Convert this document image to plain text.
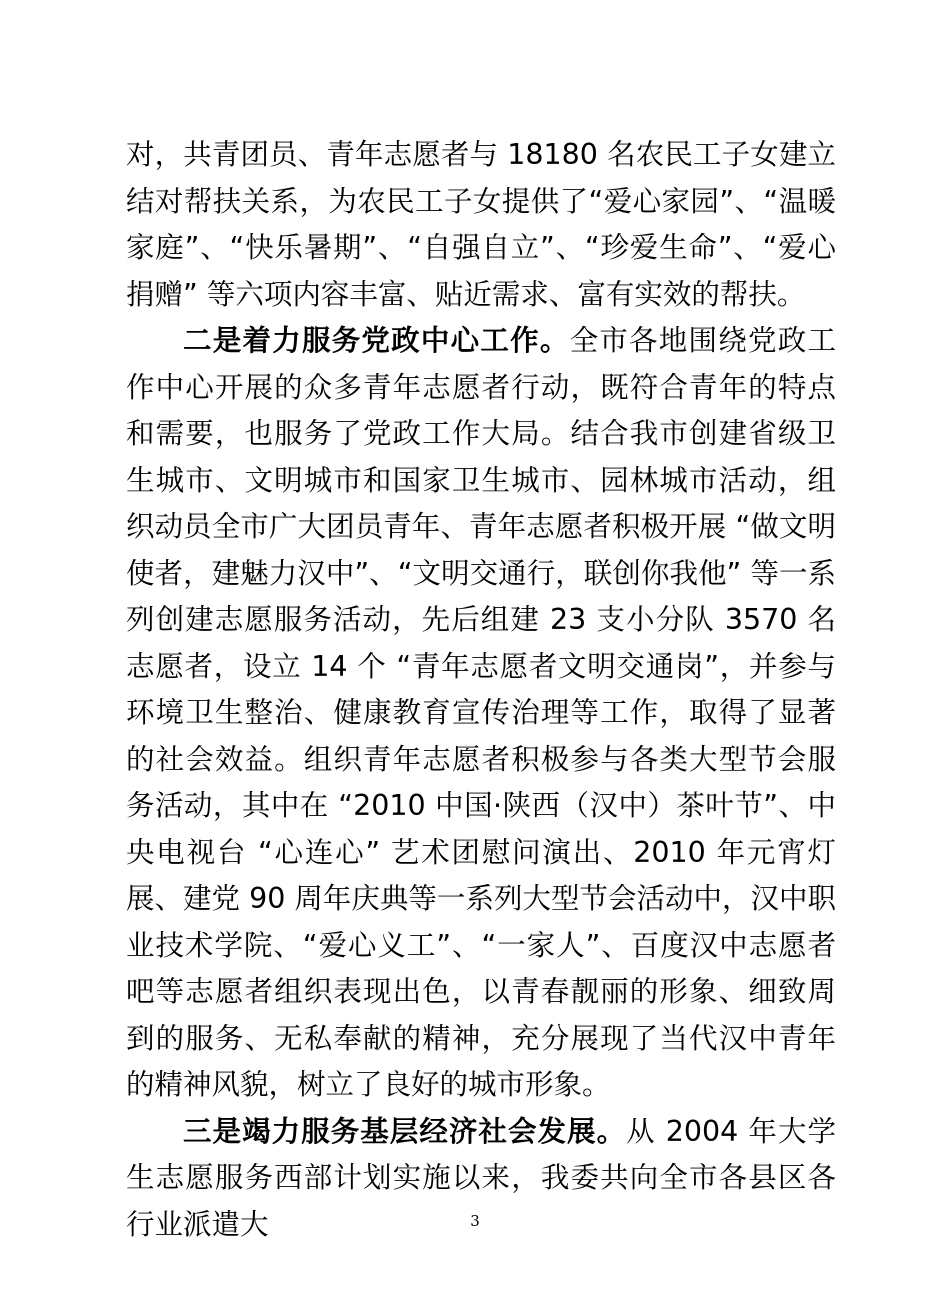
对，共青团员、青年志愿者与 18180 名农民工子女建立结对帮扶关系，为农民工子女提供了“爱心家园”、“温暖家庭”、“快乐暑期”、“自强自立”、“珍爱生命”、“爱心捐赠” 等六项内容丰富、贴近需求、富有实效的帮扶。

二是着力服务党政中心工作。全市各地围绕党政工作中心开展的众多青年志愿者行动，既符合青年的特点和需要，也服务了党政工作大局。结合我市创建省级卫生城市、文明城市和国家卫生城市、园林城市活动，组织动员全市广大团员青年、青年志愿者积极开展 “做文明使者，建魅力汉中”、“文明交通行，联创你我他” 等一系列创建志愿服务活动，先后组建 23 支小分队 3570 名志愿者，设立 14 个 “青年志愿者文明交通岗”，并参与环境卫生整治、健康教育宣传治理等工作，取得了显著的社会效益。组织青年志愿者积极参与各类大型节会服务活动，其中在 “2010 中国·陕西（汉中）茶叶节”、中央电视台 “心连心” 艺术团慰问演出、2010 年元宵灯展、建党 90 周年庆典等一系列大型节会活动中，汉中职业技术学院、“爱心义工”、“一家人”、百度汉中志愿者吧等志愿者组织表现出色，以青春靓丽的形象、细致周到的服务、无私奉献的精神，充分展现了当代汉中青年的精神风貌，树立了良好的城市形象。

三是竭力服务基层经济社会发展。从 2004 年大学生志愿服务西部计划实施以来，我委共向全市各县区各行业派遣大	3
